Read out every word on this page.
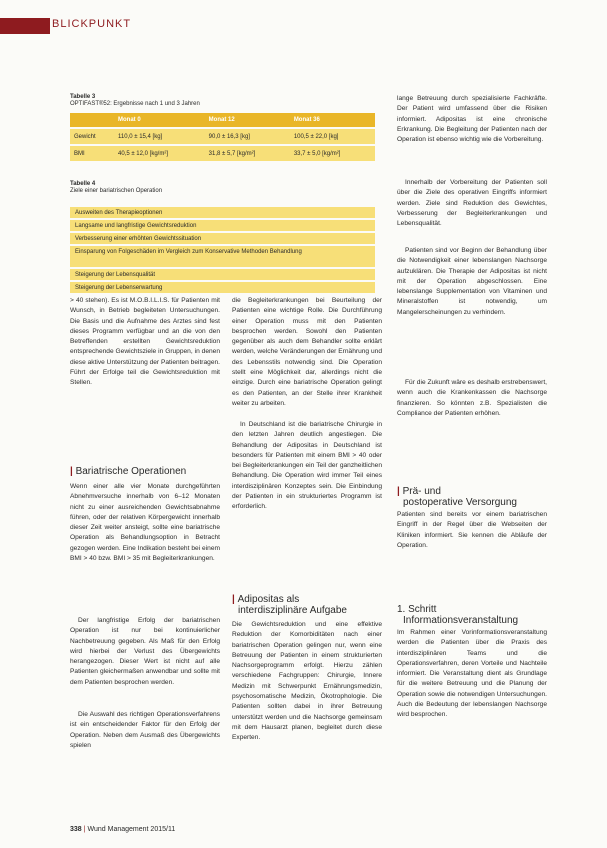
BLICKPUNKT
Tabelle 3
OPTIFAST®52: Ergebnisse nach 1 und 3 Jahren
	Monat 0	Monat 12	Monat 36
Gewicht	110,0 ± 15,4 [kg]	90,0 ± 16,3 [kg]	100,5 ± 22,0 [kg]
BMI	40,5 ± 12,0 [kg/m²]	31,8 ± 5,7 [kg/m²]	33,7 ± 5,0 [kg/m²]
Tabelle 4
Ziele einer bariatrischen Operation
Ausweiten des Therapieoptionen
Langsame und langfristige Gewichtsreduktion
Verbesserung einer erhöhten Gewichtssituation
Einsparung von Folgeschäden im Vergleich zum Konservative Methoden Behandlung
Steigerung der Lebensqualität
Steigerung der Lebenserwartung
> 40 stehen). Es ist M.O.B.I.L.I.S. für Patienten mit Wunsch, in Betrieb begleiteten Untersuchungen. Die Basis und die Aufnahme des Arztes sind fest dieses Programm verfügbar und an die von den Betreffenden erstellten Gewichtsreduktion entsprechende Gewichtsziele in Gruppen, in denen diese aktive Unterstützung der Patienten beitragen. Führt der Erfolge teil die Gewichtsreduktion mit Stellen.
| Bariatrische Operationen
Wenn einer alle vier Monate durchgeführten Abnehmversuche innerhalb von 6–12 Monaten nicht zu einer ausreichenden Gewichtsabnahme führen, oder der relativen Körpergewicht innerhalb dieser Zeit weiter ansteigt, sollte eine bariatrische Operation als Behandlungsoption in Betracht gezogen werden. Eine Indikation besteht bei einem BMI > 40 bzw. BMI > 35 mit Begleiterkrankungen.
Der langfristige Erfolg der bariatrischen Operation ist nur bei kontinuierlicher Nachbetreuung gegeben. Als Maß für den Erfolg wird hierbei der Verlust des Übergewichts herangezogen. Dieser Wert ist nicht auf alle Patienten gleichermaßen anwendbar und sollte mit dem Patienten besprochen werden.
Die Auswahl des richtigen Operationsverfahrens ist ein entscheidender Faktor für den Erfolg der Operation. Neben dem Ausmaß des Übergewichts spielen
die Begleiterkrankungen bei Beurteilung der Patienten eine wichtige Rolle. Die Durchführung einer Operation muss mit den Patienten besprochen werden. Sowohl den Patienten gegenüber als auch dem Behandler sollte erklärt werden, welche Veränderungen der Ernährung und des Lebensstils notwendig sind. Die Operation stellt eine Möglichkeit dar, allerdings nicht die einzige. Durch eine bariatrische Operation gelingt es den Patienten, an der Stelle ihrer Krankheit weiter zu arbeiten.
In Deutschland ist die bariatrische Chirurgie in den letzten Jahren deutlich angestiegen. Die Behandlung der Adipositas in Deutschland ist besonders für Patienten mit einem BMI > 40 oder bei Begleiterkrankungen ein Teil der ganzheitlichen Behandlung. Die Operation wird immer Teil eines interdisziplinären Konzeptes sein. Die Einbindung der Patienten in ein strukturiertes Programm ist erforderlich.
| Adipositas als
interdisziplinäre Aufgabe
Die Gewichtsreduktion und eine effektive Reduktion der Komorbiditäten nach einer bariatrischen Operation gelingen nur, wenn eine Betreuung der Patienten in einem strukturierten Nachsorgeprogramm erfolgt. Hierzu zählen verschiedene Fachgruppen: Chirurgie, Innere Medizin mit Schwerpunkt Ernährungsmedizin, psychosomatische Medizin, Ökotrophologie. Die Patienten sollten dabei in ihrer Betreuung unterstützt werden und die Nachsorge gemeinsam mit dem Hausarzt planen, begleitet durch diese Experten.
lange Betreuung durch spezialisierte Fachkräfte. Der Patient wird umfassend über die Risiken informiert. Adipositas ist eine chronische Erkrankung. Die Begleitung der Patienten nach der Operation ist ebenso wichtig wie die Vorbereitung.
Innerhalb der Vorbereitung der Patienten soll über die Ziele des operativen Eingriffs informiert werden. Ziele sind Reduktion des Gewichtes, Verbesserung der Begleiterkrankungen und Lebensqualität.
Patienten sind vor Beginn der Behandlung über die Notwendigkeit einer lebenslangen Nachsorge aufzuklären. Die Therapie der Adipositas ist nicht mit der Operation abgeschlossen. Eine lebenslange Supplementation von Vitaminen und Mineralstoffen ist notwendig, um Mangelerscheinungen zu verhindern.
Für die Zukunft wäre es deshalb erstrebenswert, wenn auch die Krankenkassen die Nachsorge finanzieren. So könnten z.B. Spezialisten die Compliance der Patienten erhöhen.
| Prä- und
postoperative Versorgung
Patienten sind bereits vor einem bariatrischen Eingriff in der Regel über die Webseiten der Kliniken informiert. Sie kennen die Abläufe der Operation.
1. Schritt
Informationsveranstaltung
Im Rahmen einer Vorinformationsveranstaltung werden die Patienten über die Praxis des interdisziplinären Teams und die Operationsverfahren, deren Vorteile und Nachteile informiert. Die Veranstaltung dient als Grundlage für die weitere Betreuung und die Planung der Operation sowie die notwendigen Untersuchungen. Auch die Bedeutung der lebenslangen Nachsorge wird besprochen.
338 | Wund Management 2015/11
